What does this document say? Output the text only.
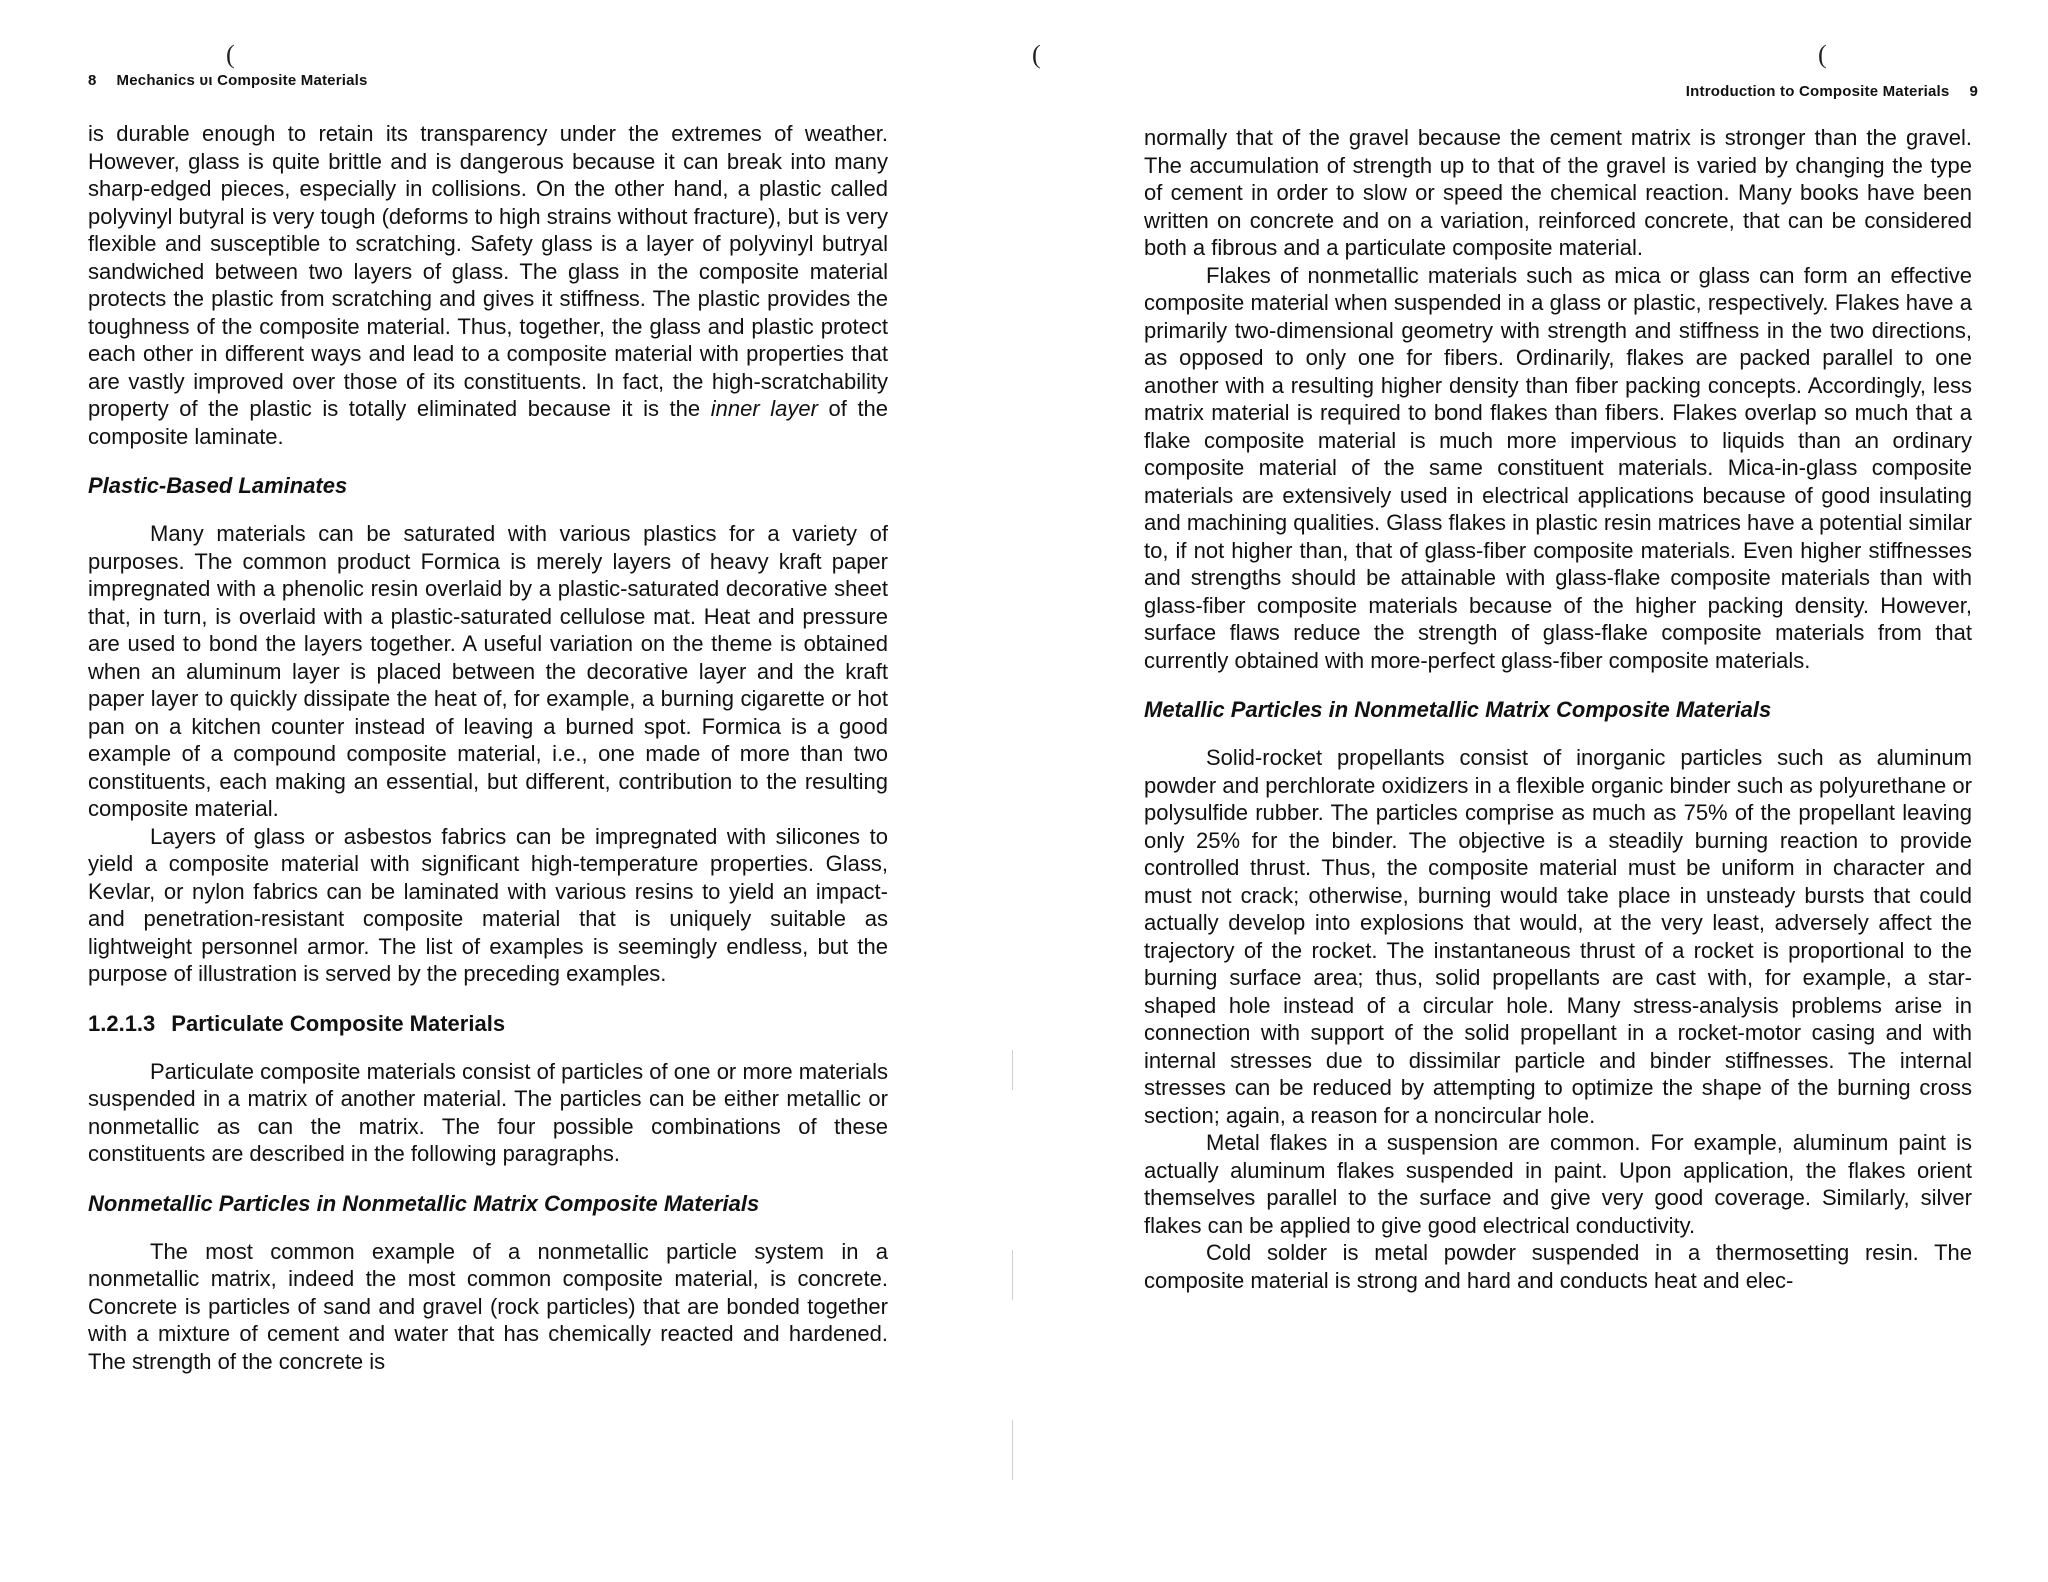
(
8 Mechanics υι Composite Materials

is durable enough to retain its transparency under the extremes of weather. However, glass is quite brittle and is dangerous because it can break into many sharp-edged pieces, especially in collisions. On the other hand, a plastic called polyvinyl butyral is very tough (deforms to high strains without fracture), but is very flexible and susceptible to scratching. Safety glass is a layer of polyvinyl butryal sandwiched between two layers of glass. The glass in the composite material protects the plastic from scratching and gives it stiffness. The plastic provides the toughness of the composite material. Thus, together, the glass and plastic protect each other in different ways and lead to a composite material with properties that are vastly improved over those of its constituents. In fact, the high-scratchability property of the plastic is totally eliminated because it is the inner layer of the composite laminate.

Plastic-Based Laminates

Many materials can be saturated with various plastics for a variety of purposes. The common product Formica is merely layers of heavy kraft paper impregnated with a phenolic resin overlaid by a plastic-saturated decorative sheet that, in turn, is overlaid with a plastic-saturated cellulose mat. Heat and pressure are used to bond the layers together. A useful variation on the theme is obtained when an aluminum layer is placed between the decorative layer and the kraft paper layer to quickly dissipate the heat of, for example, a burning cigarette or hot pan on a kitchen counter instead of leaving a burned spot. Formica is a good example of a compound composite material, i.e., one made of more than two constituents, each making an essential, but different, contribution to the resulting composite material.

Layers of glass or asbestos fabrics can be impregnated with silicones to yield a composite material with significant high-temperature properties. Glass, Kevlar, or nylon fabrics can be laminated with various resins to yield an impact- and penetration-resistant composite material that is uniquely suitable as lightweight personnel armor. The list of examples is seemingly endless, but the purpose of illustration is served by the preceding examples.

1.2.1.3 Particulate Composite Materials

Particulate composite materials consist of particles of one or more materials suspended in a matrix of another material. The particles can be either metallic or nonmetallic as can the matrix. The four possible combinations of these constituents are described in the following paragraphs.

Nonmetallic Particles in Nonmetallic Matrix Composite Materials

The most common example of a nonmetallic particle system in a nonmetallic matrix, indeed the most common composite material, is concrete. Concrete is particles of sand and gravel (rock particles) that are bonded together with a mixture of cement and water that has chemically reacted and hardened. The strength of the concrete is

(	(
Introduction to Composite Materials 9

normally that of the gravel because the cement matrix is stronger than the gravel. The accumulation of strength up to that of the gravel is varied by changing the type of cement in order to slow or speed the chemical reaction. Many books have been written on concrete and on a variation, reinforced concrete, that can be considered both a fibrous and a particulate composite material.

Flakes of nonmetallic materials such as mica or glass can form an effective composite material when suspended in a glass or plastic, respectively. Flakes have a primarily two-dimensional geometry with strength and stiffness in the two directions, as opposed to only one for fibers. Ordinarily, flakes are packed parallel to one another with a resulting higher density than fiber packing concepts. Accordingly, less matrix material is required to bond flakes than fibers. Flakes overlap so much that a flake composite material is much more impervious to liquids than an ordinary composite material of the same constituent materials. Mica-in-glass composite materials are extensively used in electrical applications because of good insulating and machining qualities. Glass flakes in plastic resin matrices have a potential similar to, if not higher than, that of glass-fiber composite materials. Even higher stiffnesses and strengths should be attainable with glass-flake composite materials than with glass-fiber composite materials because of the higher packing density. However, surface flaws reduce the strength of glass-flake composite materials from that currently obtained with more-perfect glass-fiber composite materials.

Metallic Particles in Nonmetallic Matrix Composite Materials

Solid-rocket propellants consist of inorganic particles such as aluminum powder and perchlorate oxidizers in a flexible organic binder such as polyurethane or polysulfide rubber. The particles comprise as much as 75% of the propellant leaving only 25% for the binder. The objective is a steadily burning reaction to provide controlled thrust. Thus, the composite material must be uniform in character and must not crack; otherwise, burning would take place in unsteady bursts that could actually develop into explosions that would, at the very least, adversely affect the trajectory of the rocket. The instantaneous thrust of a rocket is proportional to the burning surface area; thus, solid propellants are cast with, for example, a star-shaped hole instead of a circular hole. Many stress-analysis problems arise in connection with support of the solid propellant in a rocket-motor casing and with internal stresses due to dissimilar particle and binder stiffnesses. The internal stresses can be reduced by attempting to optimize the shape of the burning cross section; again, a reason for a noncircular hole.

Metal flakes in a suspension are common. For example, aluminum paint is actually aluminum flakes suspended in paint. Upon application, the flakes orient themselves parallel to the surface and give very good coverage. Similarly, silver flakes can be applied to give good electrical conductivity.

Cold solder is metal powder suspended in a thermosetting resin. The composite material is strong and hard and conducts heat and elec-
